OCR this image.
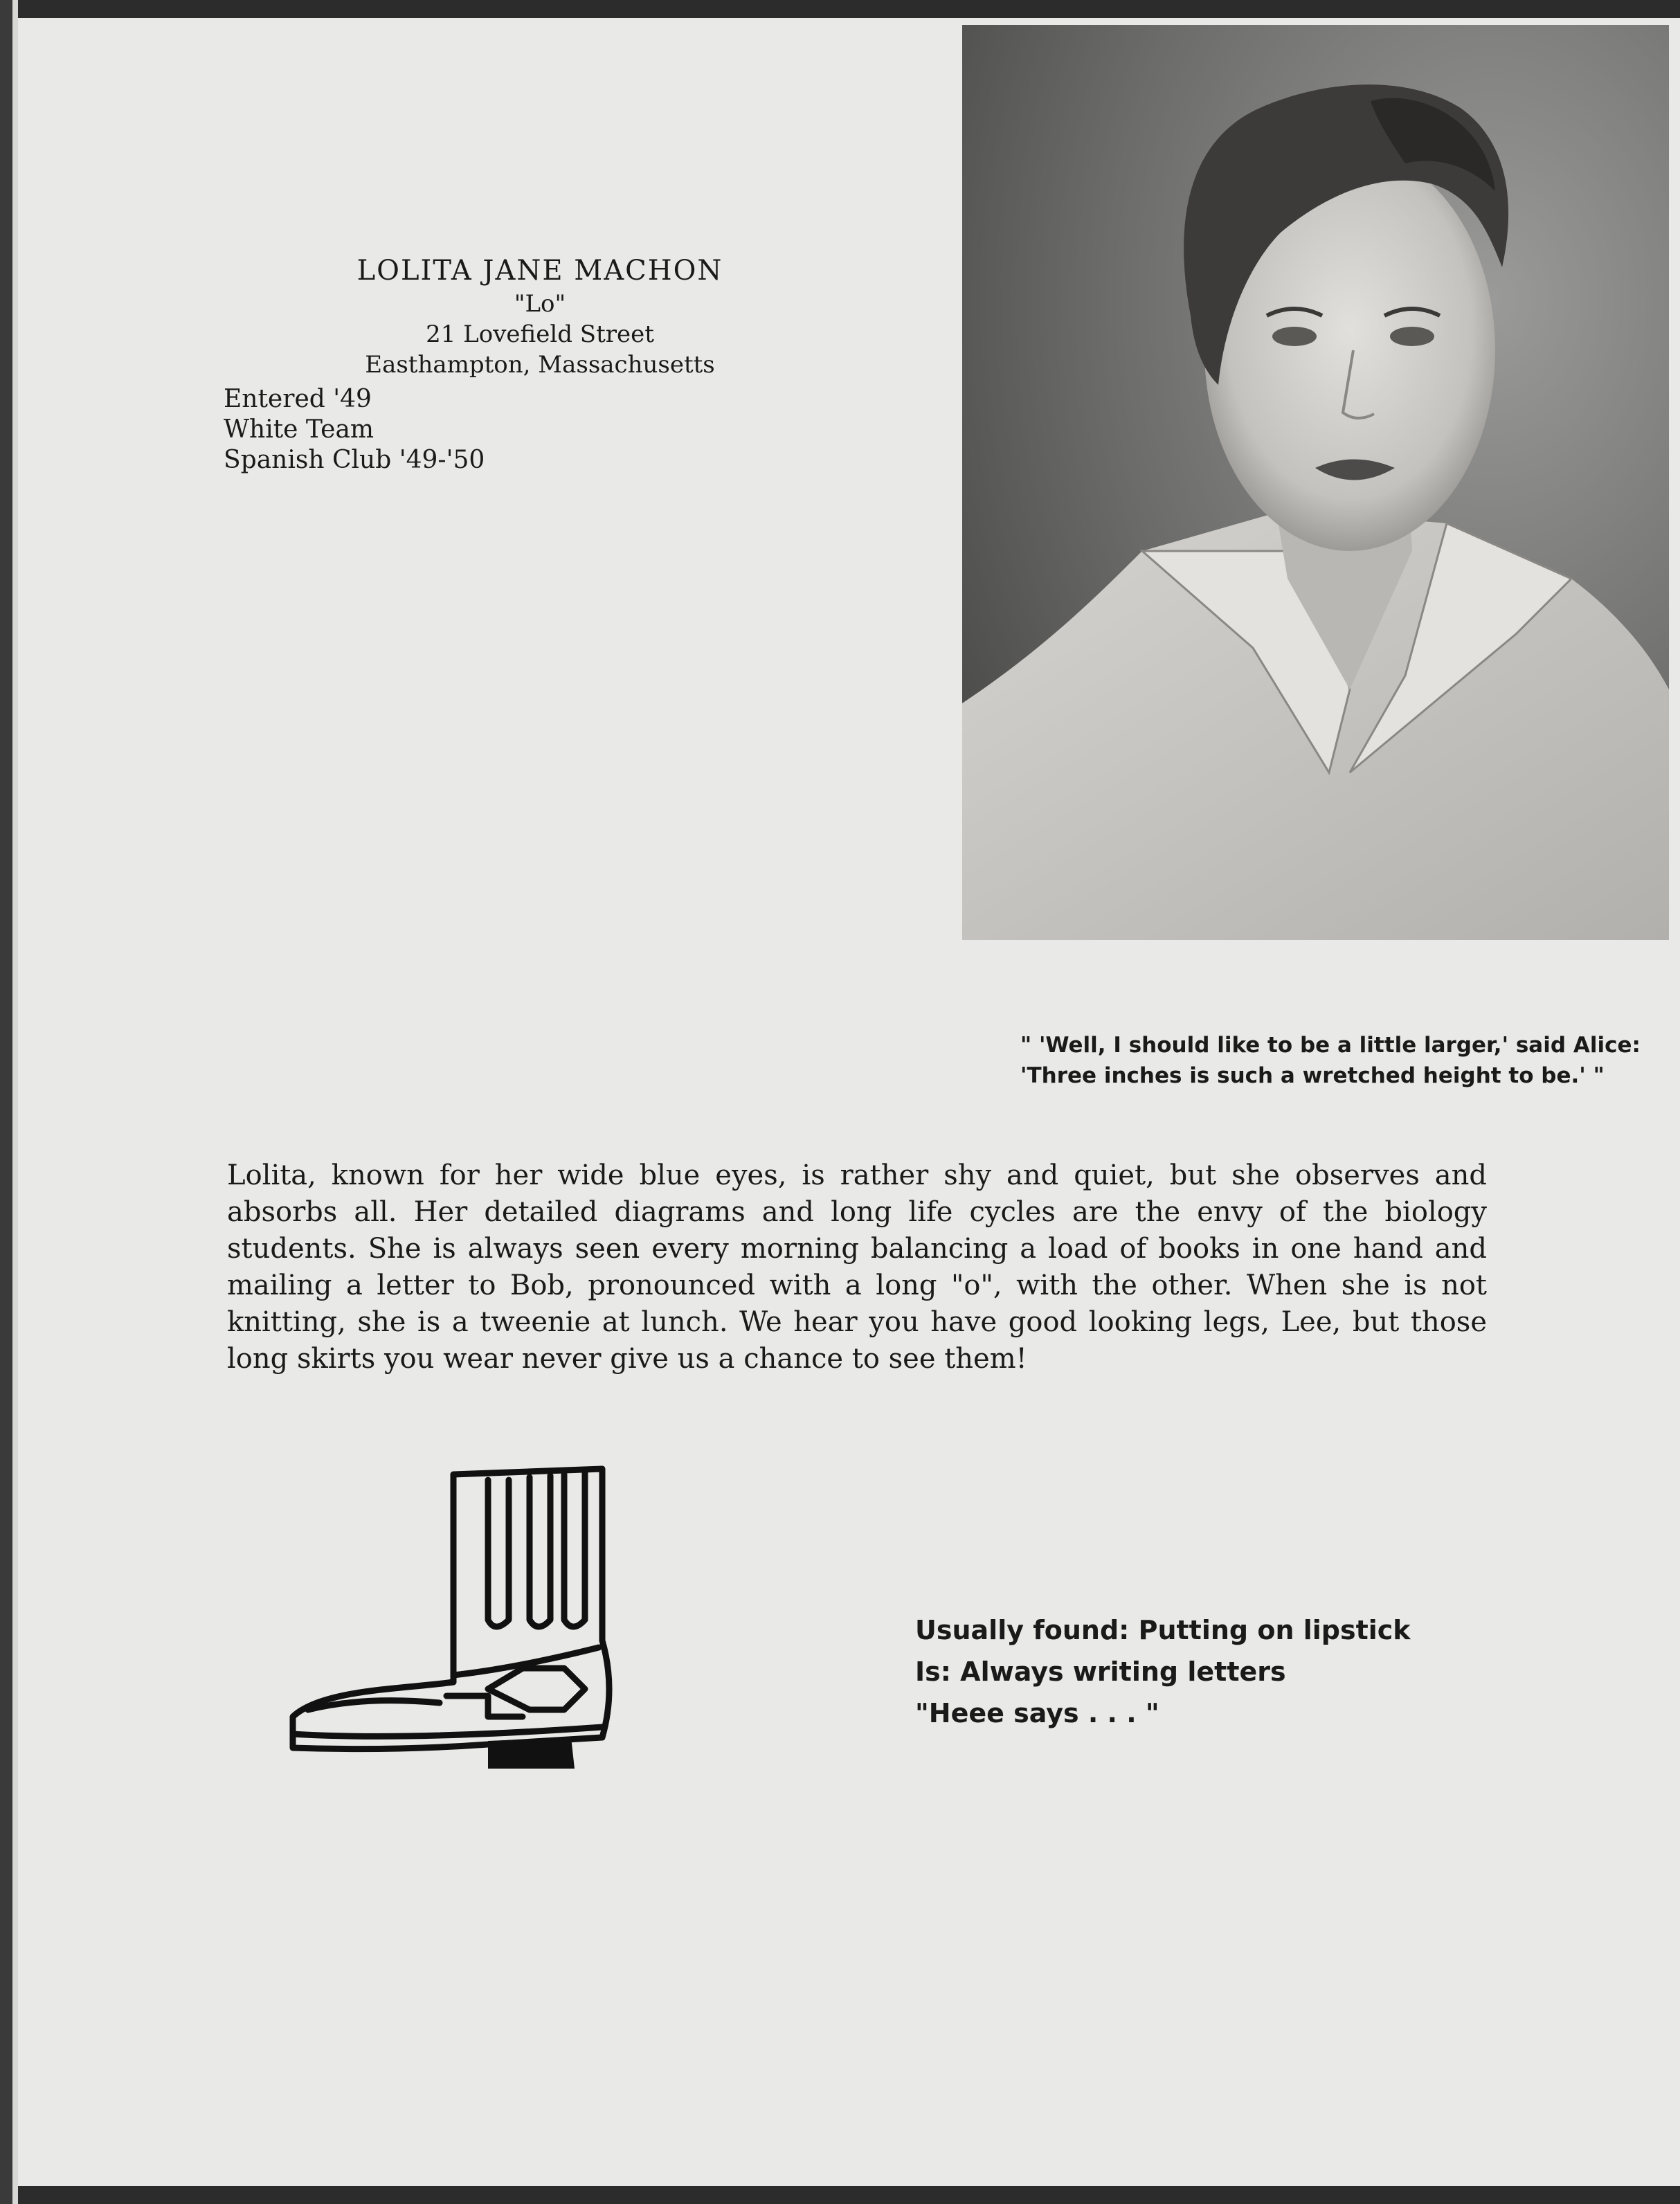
LOLITA JANE MACHON
"Lo"
21 Lovefield Street
Easthampton, Massachusetts
Entered '49
White Team
Spanish Club '49-'50
" 'Well, I should like to be a little larger,' said Alice: 'Three inches is such a wretched height to be.' "
Lolita, known for her wide blue eyes, is rather shy and quiet, but she observes and absorbs all. Her detailed diagrams and long life cycles are the envy of the biology students. She is always seen every morning balancing a load of books in one hand and mailing a letter to Bob, pronounced with a long "o", with the other. When she is not knitting, she is a tweenie at lunch. We hear you have good looking legs, Lee, but those long skirts you wear never give us a chance to see them!
Usually found: Putting on lipstick
Is: Always writing letters
"Heee says . . . "
